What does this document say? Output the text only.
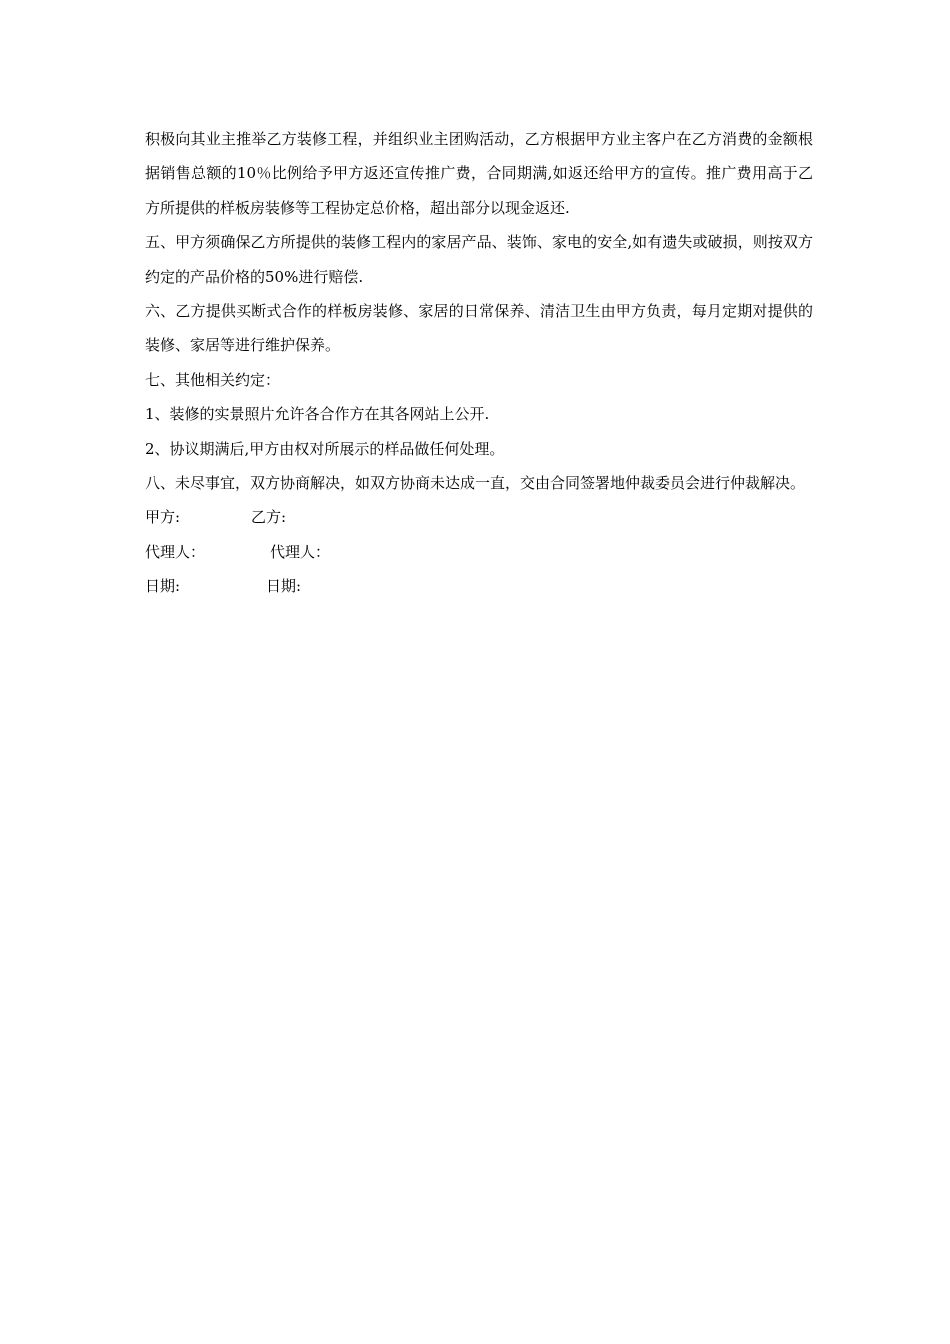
积极向其业主推举乙方装修工程，并组织业主团购活动，乙方根据甲方业主客户在乙方消费的金额根据销售总额的10％比例给予甲方返还宣传推广费，合同期满,如返还给甲方的宣传。推广费用高于乙方所提供的样板房装修等工程协定总价格，超出部分以现金返还.

五、甲方须确保乙方所提供的装修工程内的家居产品、装饰、家电的安全,如有遗失或破损，则按双方约定的产品价格的50%进行赔偿.

六、乙方提供买断式合作的样板房装修、家居的日常保养、清洁卫生由甲方负责，每月定期对提供的装修、家居等进行维护保养。

七、其他相关约定：

1、装修的实景照片允许各合作方在其各网站上公开.

2、协议期满后,甲方由权对所展示的样品做任何处理。

八、未尽事宜，双方协商解决，如双方协商未达成一直，交由合同签署地仲裁委员会进行仲裁解决。

甲方:	乙方:
代理人：	代理人：
日期:	日期:
